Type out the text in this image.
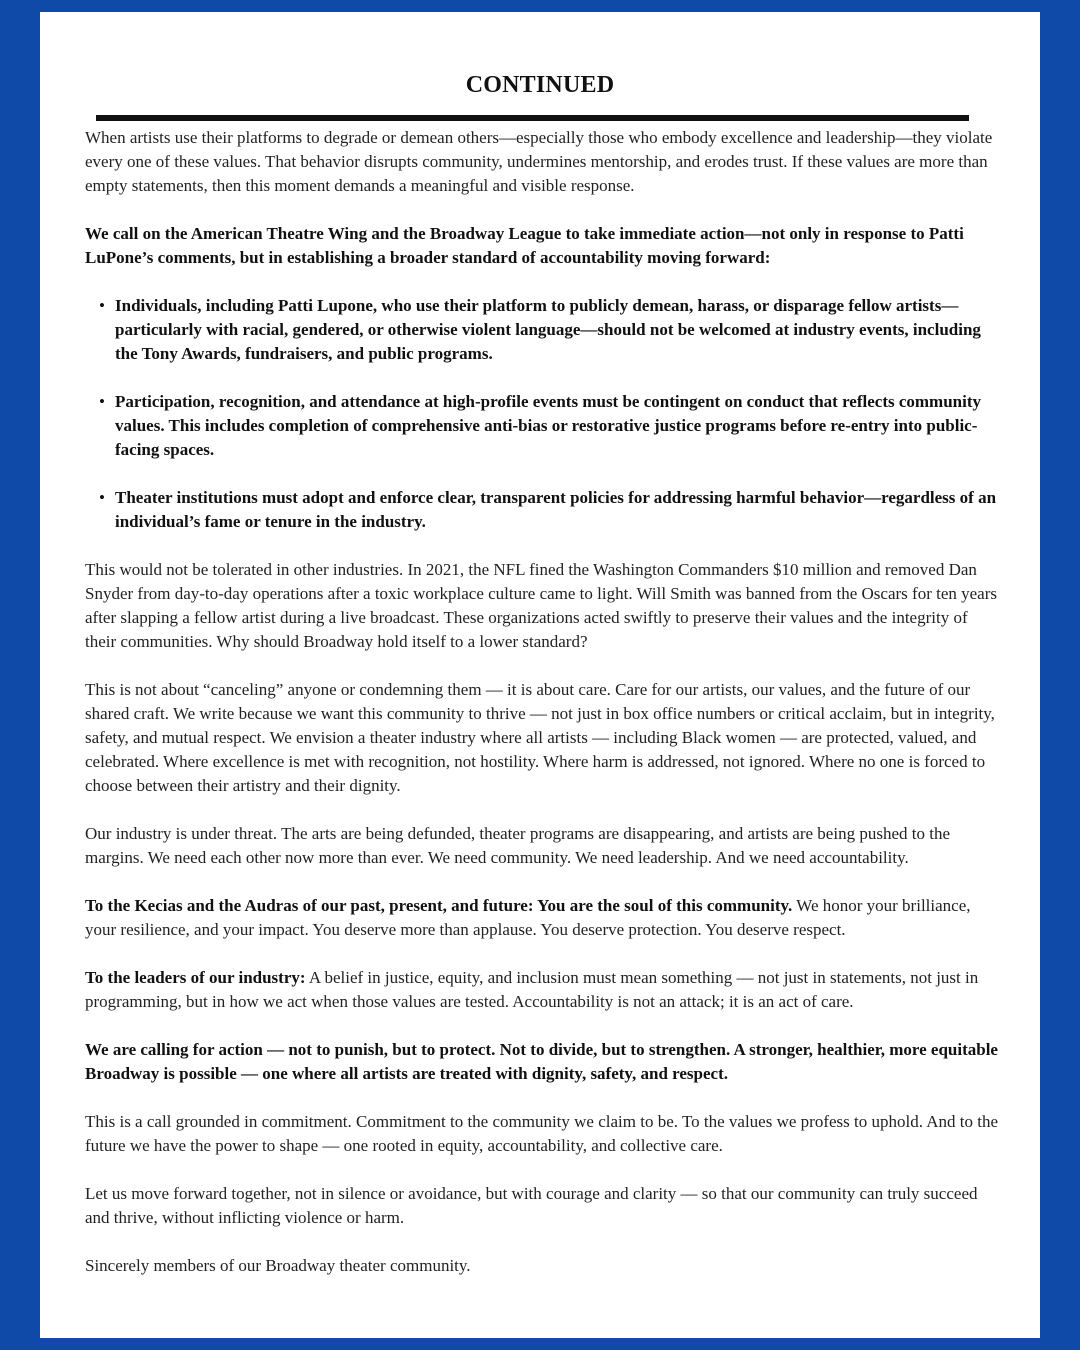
CONTINUED

When artists use their platforms to degrade or demean others—especially those who embody excellence and leadership—they violate every one of these values. That behavior disrupts community, undermines mentorship, and erodes trust. If these values are more than empty statements, then this moment demands a meaningful and visible response.

We call on the American Theatre Wing and the Broadway League to take immediate action—not only in response to Patti LuPone’s comments, but in establishing a broader standard of accountability moving forward:

• Individuals, including Patti Lupone, who use their platform to publicly demean, harass, or disparage fellow artists—particularly with racial, gendered, or otherwise violent language—should not be welcomed at industry events, including the Tony Awards, fundraisers, and public programs.
• Participation, recognition, and attendance at high-profile events must be contingent on conduct that reflects community values. This includes completion of comprehensive anti-bias or restorative justice programs before re-entry into public-facing spaces.
• Theater institutions must adopt and enforce clear, transparent policies for addressing harmful behavior—regardless of an individual’s fame or tenure in the industry.

This would not be tolerated in other industries. In 2021, the NFL fined the Washington Commanders $10 million and removed Dan Snyder from day-to-day operations after a toxic workplace culture came to light. Will Smith was banned from the Oscars for ten years after slapping a fellow artist during a live broadcast. These organizations acted swiftly to preserve their values and the integrity of their communities. Why should Broadway hold itself to a lower standard?

This is not about “canceling” anyone or condemning them — it is about care. Care for our artists, our values, and the future of our shared craft. We write because we want this community to thrive — not just in box office numbers or critical acclaim, but in integrity, safety, and mutual respect. We envision a theater industry where all artists — including Black women — are protected, valued, and celebrated. Where excellence is met with recognition, not hostility. Where harm is addressed, not ignored. Where no one is forced to choose between their artistry and their dignity.

Our industry is under threat. The arts are being defunded, theater programs are disappearing, and artists are being pushed to the margins. We need each other now more than ever. We need community. We need leadership. And we need accountability.

To the Kecias and the Audras of our past, present, and future: You are the soul of this community. We honor your brilliance, your resilience, and your impact. You deserve more than applause. You deserve protection. You deserve respect.

To the leaders of our industry: A belief in justice, equity, and inclusion must mean something — not just in statements, not just in programming, but in how we act when those values are tested. Accountability is not an attack; it is an act of care.

We are calling for action — not to punish, but to protect. Not to divide, but to strengthen. A stronger, healthier, more equitable Broadway is possible — one where all artists are treated with dignity, safety, and respect.

This is a call grounded in commitment. Commitment to the community we claim to be. To the values we profess to uphold. And to the future we have the power to shape — one rooted in equity, accountability, and collective care.

Let us move forward together, not in silence or avoidance, but with courage and clarity — so that our community can truly succeed and thrive, without inflicting violence or harm.

Sincerely members of our Broadway theater community.
